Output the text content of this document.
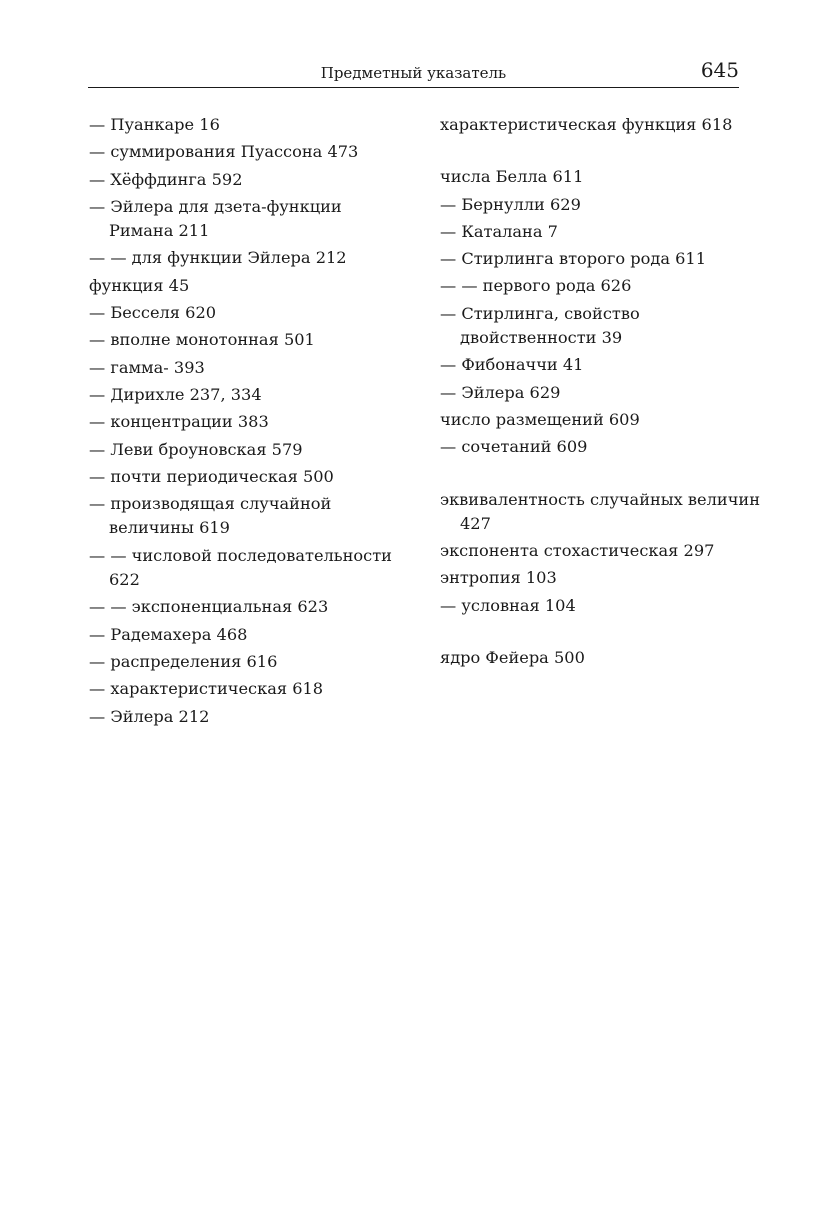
Предметный указатель	645

— Пуанкаре 16

— суммирования Пуассона 473

— Хёффдинга 592

— Эйлера для дзета-функции
Римана 211

— — для функции Эйлера 212

функция 45

— Бесселя 620

— вполне монотонная 501

— гамма- 393

— Дирихле 237, 334

— концентрации 383

— Леви броуновская 579

— почти периодическая 500

— производящая случайной
величины 619

— — числовой последовательности
622

— — экспоненциальная 623

— Радемахера 468

— распределения 616

— характеристическая 618

— Эйлера 212

характеристическая функция 618

числа Белла 611

— Бернулли 629

— Каталана 7

— Стирлинга второго рода 611

— — первого рода 626

— Стирлинга, свойство
двойственности 39

— Фибоначчи 41

— Эйлера 629

число размещений 609

— сочетаний 609

эквивалентность случайных величин
427

экспонента стохастическая 297

энтропия 103

— условная 104

ядро Фейера 500
